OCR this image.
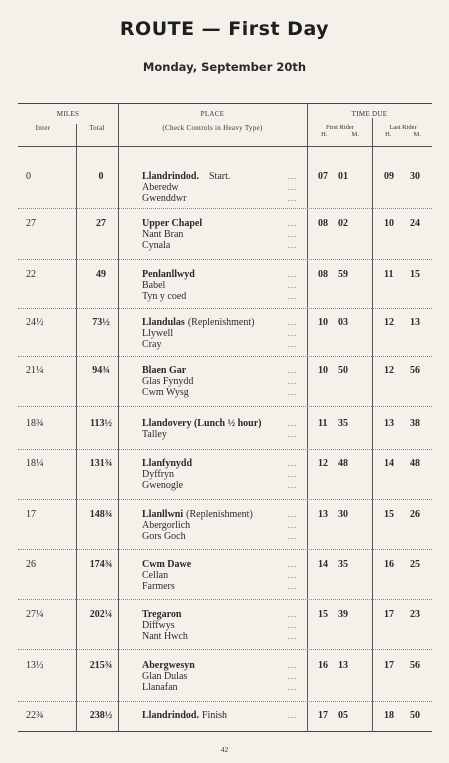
ROUTE — First Day
Monday, September 20th
MILES
Inter	Total
PLACE
(Check Controls in Heavy Type)
TIME DUE
First Rider
H.	M.
Last Rider
H.	M.
0	0	Llandrindod. Start.
Aberedw
Gwenddwr
...
...
...
07 01	09 30
27	27	Upper Chapel
Nant Bran
Cynala
...
...
...
08 02	10 24
22	49	Penlanllwyd
Babel
Tyn y coed
...
...
...
08 59	11 15
24½	73½	Llandulas (Replenishment)
Llywell
Cray
...
...
...
10 03	12 13
21¼	94¾	Blaen Gar
Glas Fynydd
Cwm Wysg
...
...
...
10 50	12 56
18¾	113½	Llandovery (Lunch ½ hour)
Talley
...
...
11 35	13 38
18¼	131¾	Llanfynydd
Dyffryn
Gwenogle
...
...
...
12 48	14 48
17	148¾	Llanllwni (Replenishment)
Abergorlich
Gors Goch
...
...
...
13 30	15 26
26	174¾	Cwm Dawe
Cellan
Farmers
...
...
...
14 35	16 25
27¼	202¼	Tregaron
Diffwys
Nant Hwch
...
...
...
15 39	17 23
13½	215¾	Abergwesyn
Glan Dulas
Llanafan
...
...
...
16 13	17 56
22¾	238½	Llandrindod. Finish	... 17 05	18 50
42
